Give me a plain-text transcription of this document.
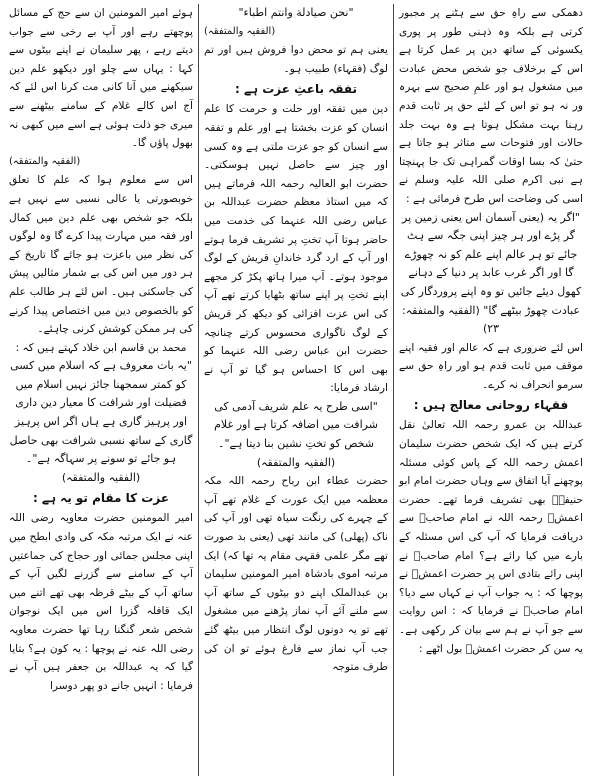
دھمکی سے راہِ حق سے ہٹنے پر مجبور کرتی ہے بلکہ وہ ذہنی طور پر پوری یکسوئی کے ساتھ دین پر عمل کرتا ہے اس کے برخلاف جو شخص محض عبادت میں مشغول ہو اور علمِ صحیح سے بہرہ ور نہ ہو تو اس کے لئے حق پر ثابت قدم رہنا بہت مشکل ہوتا ہے وہ بہت جلد حالات اور فتوحات سے متاثر ہو جاتا ہے حتیٰ کہ بسا اوقات گمراہی تک جا پہنچتا ہے نبی اکرم صلی اللہ علیہ وسلم نے اسی کی وضاحت اس طرح فرمائی ہے :

"اگر یہ (یعنی آسمان اس یعنی زمین پر گر پڑے اور ہر چیز اپنی جگہ سے ہٹ جائے تو ہر عالم اپنے علم کو نہ چھوڑے گا اور اگر غرب عابد پر دنیا کے دہانے کھول دیئے جائیں تو وہ اپنے پروردگار کی عبادت چھوڑ بیٹھے گا" (الفقیہ والمتفقہ: ۲۳)

اس لئے ضروری ہے کہ عالم اور فقیہ اپنے موقف میں ثابت قدم ہو اور راہِ حق سے سرمو انحراف نہ کرے۔

فقہاء روحانی معالج ہیں :

عبداللہ بن عمرو رحمہ اللہ تعالیٰ نقل کرتے ہیں کہ ایک شخص حضرت سلیمان اعمش رحمہ اللہ کے پاس کوئی مسئلہ پوچھنے آیا اتفاق سے وہاں حضرت امام ابو حنیفہؒ بھی تشریف فرما تھے۔ حضرت اعمشؒ رحمہ اللہ نے امام صاحبؒ سے دریافت فرمایا کہ آپ کی اس مسئلہ کے بارے میں کیا رائے ہے؟ امام صاحبؒ نے اپنی رائے بتادی اس پر حضرت اعمشؒ نے پوچھا کہ : یہ جواب آپ نے کہاں سے دیا؟ امام صاحبؒ نے فرمایا کہ : اس روایت سے جو آپ نے ہم سے بیان کر رکھی ہے۔ یہ سن کر حضرت اعمشؒ بول اٹھے :

"نحن صیادلة وانتم اطباء"

(الفقیہ والمتفقہ)

یعنی ہم تو محض دوا فروش ہیں اور تم لوگ (فقہاء) طبیب ہو۔

تفقہ باعثِ عزت ہے :

دین میں تفقہ اور حلت و حرمت کا علم انسان کو عزت بخشتا ہے اور علم و تفقہ سے انسان کو جو عزت ملتی ہے وہ کسی اور چیز سے حاصل نہیں ہوسکتی۔ حضرت ابو العالیہ رحمہ اللہ فرماتے ہیں کہ میں استاذ معظم حضرت عبداللہ بن عباس رضی اللہ عنہما کی خدمت میں حاضر ہوتا آپ تختِ پر تشریف فرما ہوتے اور آپ کے ارد گرد خاندانِ قریش کے لوگ موجود ہوتے۔ آپ میرا ہاتھ پکڑ کر مجھے اپنے تختِ پر اپنے ساتھ بٹھایا کرتے تھے آپ کی اس عزت افزائی کو دیکھ کر قریش کے لوگ ناگواری محسوس کرتے چنانچہ حضرت ابن عباس رضی اللہ عنہما کو بھی اس کا احساس ہو گیا تو آپ نے ارشاد فرمایا:

"اسی طرح یہ علم شریف آدمی کی شرافت میں اضافہ کرتا ہے اور غلام شخص کو تختِ نشین بنا دیتا ہے"۔ (الفقیہ والمتفقہ)

حضرت عطاء ابن رباح رحمہ اللہ مکہ معظمہ میں ایک عورت کے غلام تھے آپ کے چہرے کی رنگت سیاہ تھی اور آپ کی ناک (پھلی) کی مانند تھی (یعنی بد صورت تھے مگر علمی فقہی مقام یہ تھا کہ) ایک مرتبہ اموی بادشاہ امیر المومنین سلیمان بن عبدالملک اپنے دو بیٹوں کے ساتھ آپ سے ملنے آئے آپ نماز پڑھنے میں مشغول تھے تو یہ دونوں لوگ انتظار میں بیٹھ گئے جب آپ نماز سے فارغ ہوئے تو ان کی طرف متوجہ

ہوئے امیر المومنین ان سے حج کے مسائل پوچھتے رہے اور آپ بے رخی سے جواب دیتے رہے ، پھر سلیمان نے اپنے بیٹوں سے کہا : یہاں سے چلو اور دیکھو علم دین سیکھنے میں آنا کانی مت کرنا اس لئے کہ آج اس کالے غلام کے سامنے بیٹھنے سے میری جو ذلت ہوئی ہے اسے میں کبھی نہ بھول پاؤں گا۔

(الفقیہ والمتفقہ)

اس سے معلوم ہوا کہ علم کا تعلق خوبصورتی یا عالی نسبی سے نہیں ہے بلکہ جو شخص بھی علم دین میں کمال اور فقہ میں مہارت پیدا کرے گا وہ لوگوں کی نظر میں باعزت ہو جائے گا تاریخ کے ہر دور میں اس کی بے شمار مثالیں پیش کی جاسکتی ہیں۔ اس لئے ہر طالب علم کو بالخصوص دین میں اختصاص پیدا کرنے کی ہر ممکن کوشش کرنی چاہئے۔

محمد بن قاسم ابن خلاد کہتے ہیں کہ :

"یہ بات معروف ہے کہ اسلام میں کسی کو کمتر سمجھنا جائز نہیں اسلام میں فضیلت اور شرافت کا معیار دین داری اور پرہیز گاری ہے ہاں اگر اس پرہیز گاری کے ساتھ نسبی شرافت بھی حاصل ہو جائے تو سونے پر سہاگہ ہے"۔ (الفقیہ والمتفقہ)

عزت کا مقام تو یہ ہے :

امیر المومنین حضرت معاویہ رضی اللہ عنہ نے ایک مرتبہ مکہ کی وادی ابطح میں اپنی مجلس جمائی اور حجاج کی جماعتیں آپ کے سامنے سے گزرنے لگیں آپ کے ساتھ آپ کے بیٹے قرظہ بھی تھے اتنے میں ایک قافلہ گزرا اس میں ایک نوجوان شخص شعر گنگنا رہا تھا حضرت معاویہ رضی اللہ عنہ نے پوچھا : یہ کون ہے؟ بتایا گیا کہ یہ عبداللہ بن جعفر ہیں آپ نے فرمایا : انہیں جانے دو پھر دوسرا
